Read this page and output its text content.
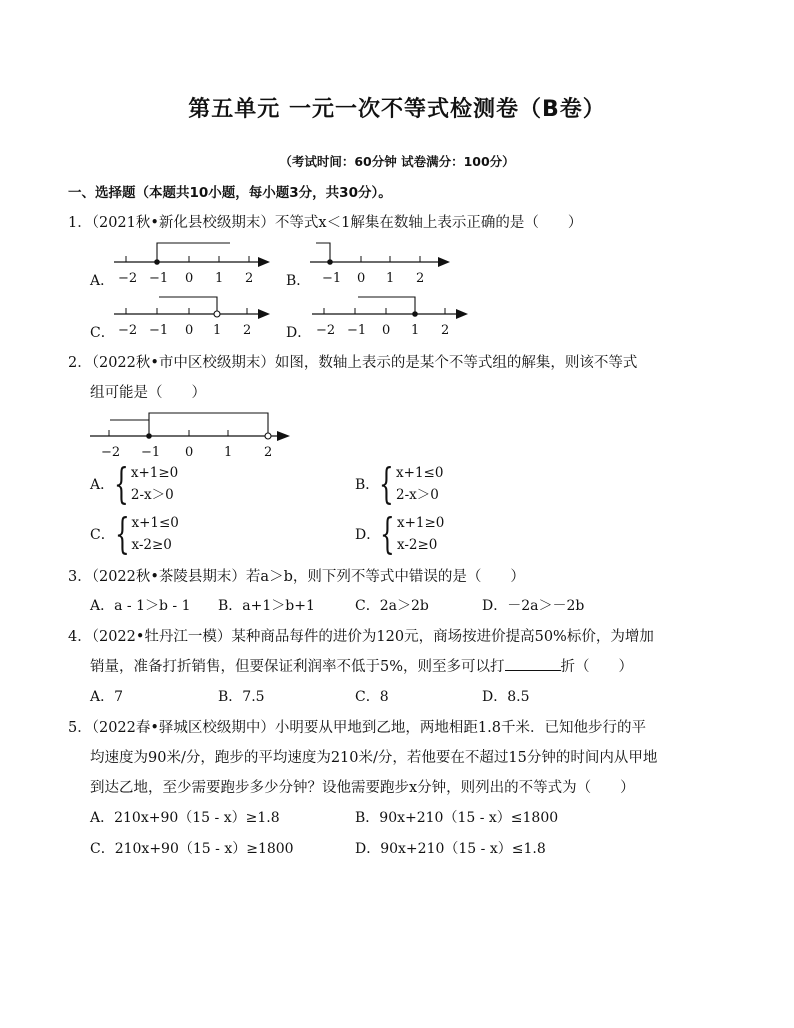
第五单元 一元一次不等式检测卷（B卷）
（考试时间：60分钟 试卷满分：100分）
一、选择题（本题共10小题，每小题3分，共30分）。
1．（2021秋•新化县校级期末）不等式x＜1解集在数轴上表示正确的是（　　）
A． −2 −1 0 1 2 B． −1 0 1 2
C． −2 −1 0 1 2 D． −2 −1 0 1 2
2．（2022秋•市中区校级期末）如图，数轴上表示的是某个不等式组的解集，则该不等式
组可能是（　　）
−2 −1 0 1 2
A． { x+1≥0
2-x＞0
B． { x+1≤0
2-x＞0
C． { x+1≤0
x-2≥0
D． { x+1≥0
x-2≥0
3．（2022秋•茶陵县期末）若a＞b，则下列不等式中错误的是（　　）
A．a - 1＞b - 1 B．a+1＞b+1	C．2a＞2b	D．－2a＞－2b
4．（2022•牡丹江一模）某种商品每件的进价为120元，商场按进价提高50%标价，为增加
销量，准备打折销售，但要保证利润率不低于5%，则至多可以打	折（　　）
A．7	B．7.5	C．8	D．8.5
5．（2022春•驿城区校级期中）小明要从甲地到乙地，两地相距1.8千米．已知他步行的平
均速度为90米/分，跑步的平均速度为210米/分，若他要在不超过15分钟的时间内从甲地
到达乙地，至少需要跑步多少分钟？设他需要跑步x分钟，则列出的不等式为（　　）
A．210x+90（15 - x）≥1.8	B．90x+210（15 - x）≤1800
C．210x+90（15 - x）≥1800	D．90x+210（15 - x）≤1.8
